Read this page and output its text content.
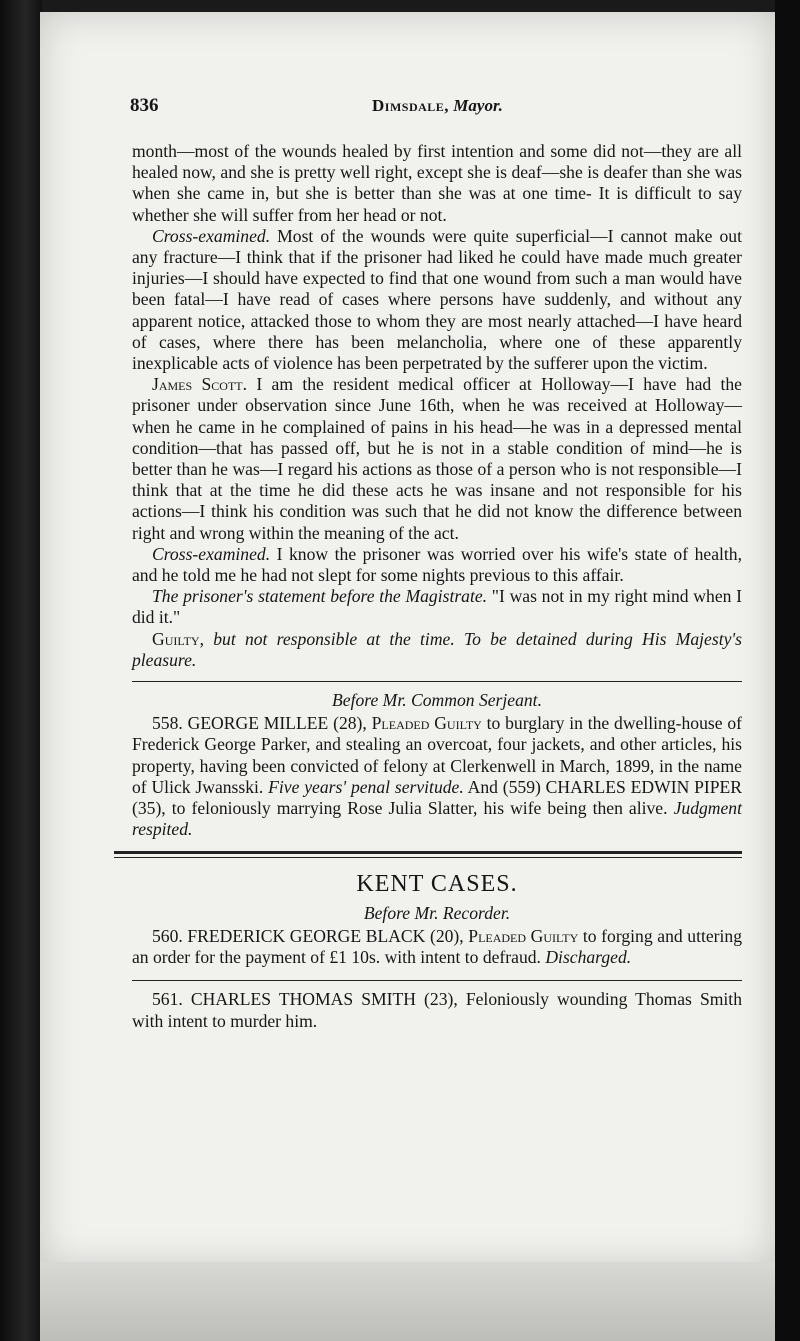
836	Dimsdale, Mayor.

month—most of the wounds healed by first intention and some did not—they are all healed now, and she is pretty well right, except she is deaf—she is deafer than she was when she came in, but she is better than she was at one time- It is difficult to say whether she will suffer from her head or not.

Cross-examined. Most of the wounds were quite superficial—I cannot make out any fracture—I think that if the prisoner had liked he could have made much greater injuries—I should have expected to find that one wound from such a man would have been fatal—I have read of cases where persons have suddenly, and without any apparent notice, attacked those to whom they are most nearly attached—I have heard of cases, where there has been melancholia, where one of these apparently inexplicable acts of violence has been perpetrated by the sufferer upon the victim.

James Scott. I am the resident medical officer at Holloway—I have had the prisoner under observation since June 16th, when he was received at Holloway—when he came in he complained of pains in his head—he was in a depressed mental condition—that has passed off, but he is not in a stable condition of mind—he is better than he was—I regard his actions as those of a person who is not responsible—I think that at the time he did these acts he was insane and not responsible for his actions—I think his condition was such that he did not know the difference between right and wrong within the meaning of the act.

Cross-examined. I know the prisoner was worried over his wife's state of health, and he told me he had not slept for some nights previous to this affair.

The prisoner's statement before the Magistrate. "I was not in my right mind when I did it."

Guilty, but not responsible at the time. To be detained during His Majesty's pleasure.

Before Mr. Common Serjeant.

558. GEORGE MILLEE (28), Pleaded Guilty to burglary in the dwelling-house of Frederick George Parker, and stealing an overcoat, four jackets, and other articles, his property, having been convicted of felony at Clerkenwell in March, 1899, in the name of Ulick Jwansski. Five years' penal servitude. And (559) CHARLES EDWIN PIPER (35), to feloniously marrying Rose Julia Slatter, his wife being then alive. Judgment respited.

KENT CASES.

Before Mr. Recorder.

560. FREDERICK GEORGE BLACK (20), Pleaded Guilty to forging and uttering an order for the payment of £1 10s. with intent to defraud. Discharged.

561. CHARLES THOMAS SMITH (23), Feloniously wounding Thomas Smith with intent to murder him.
